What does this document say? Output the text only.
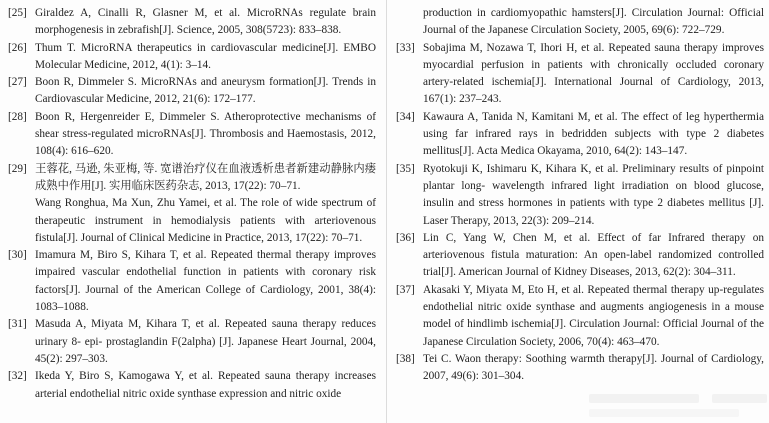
[25] Giraldez A, Cinalli R, Glasner M, et al. MicroRNAs regulate brain morphogenesis in zebrafish[J]. Science, 2005, 308(5723): 833–838.

[26] Thum T. MicroRNA therapeutics in cardiovascular medicine[J]. EMBO Molecular Medicine, 2012, 4(1): 3–14.

[27] Boon R, Dimmeler S. MicroRNAs and aneurysm formation[J]. Trends in Cardiovascular Medicine, 2012, 21(6): 172–177.

[28] Boon R, Hergenreider E, Dimmeler S. Atheroprotective mechanisms of shear stress-regulated microRNAs[J]. Thrombosis and Haemostasis, 2012, 108(4): 616–620.

[29] 王蓉花, 马逊, 朱亚梅, 等. 宽谱治疗仪在血液透析患者新建动静脉内瘘成熟中作用[J]. 实用临床医药杂志, 2013, 17(22): 70–71.

Wang Ronghua, Ma Xun, Zhu Yamei, et al. The role of wide spectrum of therapeutic instrument in hemodialysis patients with arteriovenous fistula[J]. Journal of Clinical Medicine in Practice, 2013, 17(22): 70–71.

[30] Imamura M, Biro S, Kihara T, et al. Repeated thermal therapy improves impaired vascular endothelial function in patients with coronary risk factors[J]. Journal of the American College of Cardiology, 2001, 38(4): 1083–1088.

[31] Masuda A, Miyata M, Kihara T, et al. Repeated sauna therapy reduces urinary 8- epi- prostaglandin F(2alpha) [J]. Japanese Heart Journal, 2004, 45(2): 297–303.

[32] Ikeda Y, Biro S, Kamogawa Y, et al. Repeated sauna therapy increases arterial endothelial nitric oxide synthase expression and nitric oxide

production in cardiomyopathic hamsters[J]. Circulation Journal: Official Journal of the Japanese Circulation Society, 2005, 69(6): 722–729.

[33] Sobajima M, Nozawa T, Ihori H, et al. Repeated sauna therapy improves myocardial perfusion in patients with chronically occluded coronary artery-related ischemia[J]. International Journal of Cardiology, 2013, 167(1): 237–243.

[34] Kawaura A, Tanida N, Kamitani M, et al. The effect of leg hyperthermia using far infrared rays in bedridden subjects with type 2 diabetes mellitus[J]. Acta Medica Okayama, 2010, 64(2): 143–147.

[35] Ryotokuji K, Ishimaru K, Kihara K, et al. Preliminary results of pinpoint plantar long- wavelength infrared light irradiation on blood glucose, insulin and stress hormones in patients with type 2 diabetes mellitus [J]. Laser Therapy, 2013, 22(3): 209–214.

[36] Lin C, Yang W, Chen M, et al. Effect of far Infrared therapy on arteriovenous fistula maturation: An open-label randomized controlled trial[J]. American Journal of Kidney Diseases, 2013, 62(2): 304–311.

[37] Akasaki Y, Miyata M, Eto H, et al. Repeated thermal therapy up-regulates endothelial nitric oxide synthase and augments angiogenesis in a mouse model of hindlimb ischemia[J]. Circulation Journal: Official Journal of the Japanese Circulation Society, 2006, 70(4): 463–470.

[38] Tei C. Waon therapy: Soothing warmth therapy[J]. Journal of Cardiology, 2007, 49(6): 301–304.
